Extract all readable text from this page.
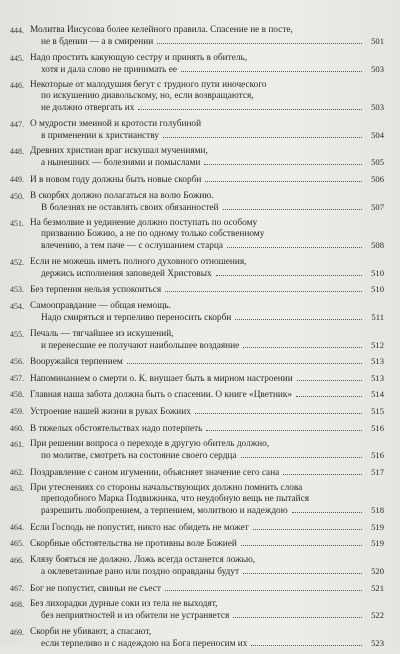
444. Молитва Иисусова более келейного правила. Спасение не в посте,
не в бдении — а в смирении	501
445. Надо простить какующую сестру и принять в обитель,
хотя и дала слово не принимать ее	503
446. Некоторые от малодушия бегут с трудного пути иноческого
по искушению диавольскому, но, если возвращаются,
не должно отвергать их	503
447. О мудрости змеиной и кротости голубиной
в применении к христианству	504
448. Древних христиан враг искушал мучениями,
а нынешних — болезнями и помыслами	505
449. И в новом году должны быть новые скорби	506
450. В скорбях должно полагаться на волю Божию.
В болезнях не оставлять своих обязанностей	507
451. На безмолвие и уединение должно поступать по особому
призванию Божию, а не по одному только собственному
влечению, а тем паче — с ослушанием старца	508
452. Если не можешь иметь полного духовного отношения,
держись исполнения заповедей Христовых	510
453. Без терпения нельзя успокоиться	510
454. Самооправдание — общая немощь.
Надо смиряться и терпеливо переносить скорби	511
455. Печаль — тягчайшее из искушений,
и перенесшие ее получают наибольшее воздаяние	512
456. Вооружайся терпением	513
457. Напоминанием о смерти о. К. внушает быть в мирном настроении	513
458. Главная наша забота должна быть о спасении. О книге «Цветник»	514
459. Устроение нашей жизни в руках Божиих	515
460. В тяжелых обстоятельствах надо потерпеть	516
461. При решении вопроса о переходе в другую обитель должно,
по молитве, смотреть на состояние своего сердца	516
462. Поздравление с саном игумении, объясняет значение сего сана	517
463. При утеснениях со стороны начальствующих должно помнить слова
преподобного Марка Подвижника, что неудобную вещь не пытайся
разрешить любопрением, а терпением, молитвою и надеждою	518
464. Если Господь не попустит, никто нас обидеть не может	519
465. Скорбные обстоятельства не противны воле Божией	519
466. Клязу бояться не должно. Ложь всегда останется ложью,
а оклеветанные рано или поздно оправданы будут	520
467. Бог не попустит, свиньи не съест	521
468. Без лихорадки дурные соки из тела не выходят,
без неприятностей и из обители не устраняется	522
469. Скорби не убивают, а спасают,
если терпеливо и с надеждою на Бога переносим их	523
